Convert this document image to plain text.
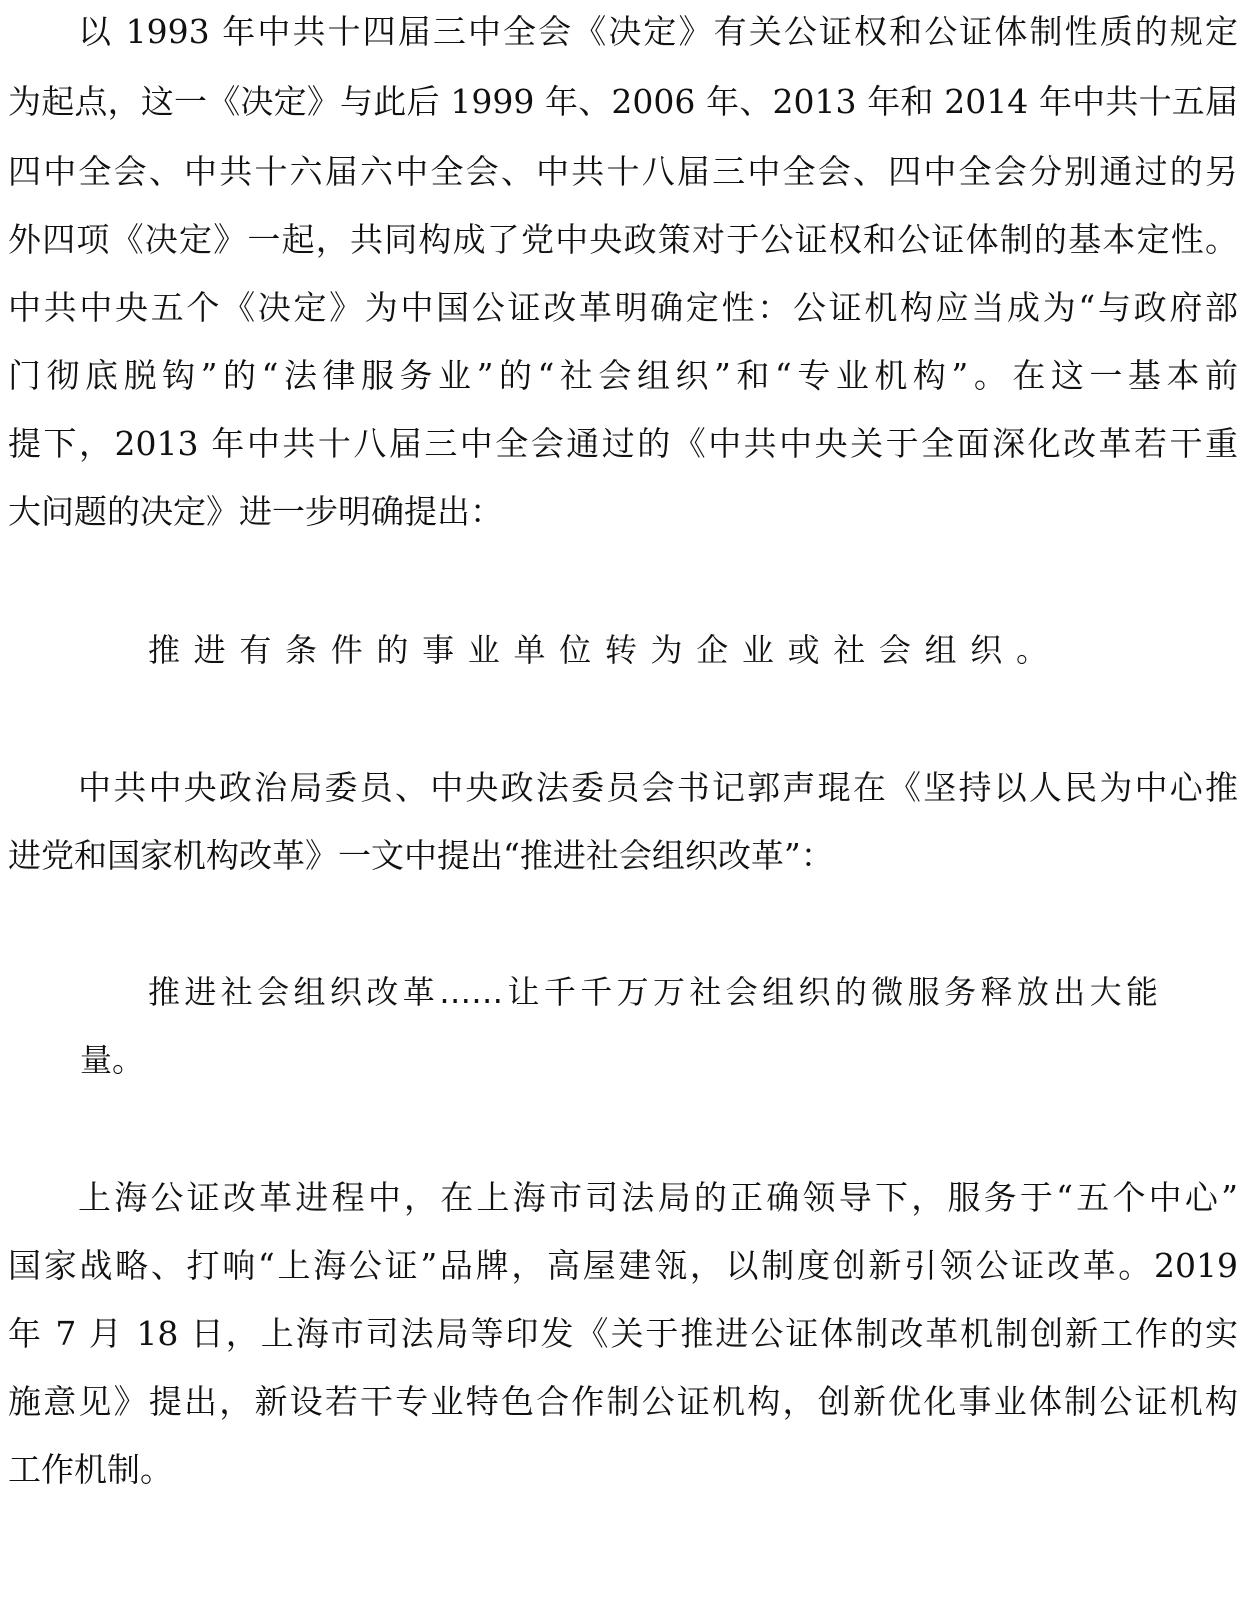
以 1993 年中共十四届三中全会《决定》有关公证权和公证体制性质的规定
为起点，这一《决定》与此后 1999 年、2006 年、2013 年和 2014 年中共十五届
四中全会、中共十六届六中全会、中共十八届三中全会、四中全会分别通过的另
外四项《决定》一起，共同构成了党中央政策对于公证权和公证体制的基本定性。
中共中央五个《决定》为中国公证改革明确定性：公证机构应当成为“与政府部
门彻底脱钩”的“法律服务业”的“社会组织”和“专业机构”。在这一基本前
提下，2013 年中共十八届三中全会通过的《中共中央关于全面深化改革若干重
大问题的决定》进一步明确提出：
推进有条件的事业单位转为企业或社会组织。
中共中央政治局委员、中央政法委员会书记郭声琨在《坚持以人民为中心推
进党和国家机构改革》一文中提出“推进社会组织改革”：
推进社会组织改革……让千千万万社会组织的微服务释放出大能
量。
上海公证改革进程中，在上海市司法局的正确领导下，服务于“五个中心”
国家战略、打响“上海公证”品牌，高屋建瓴，以制度创新引领公证改革。2019
年 7 月 18 日，上海市司法局等印发《关于推进公证体制改革机制创新工作的实
施意见》提出，新设若干专业特色合作制公证机构，创新优化事业体制公证机构
工作机制。
